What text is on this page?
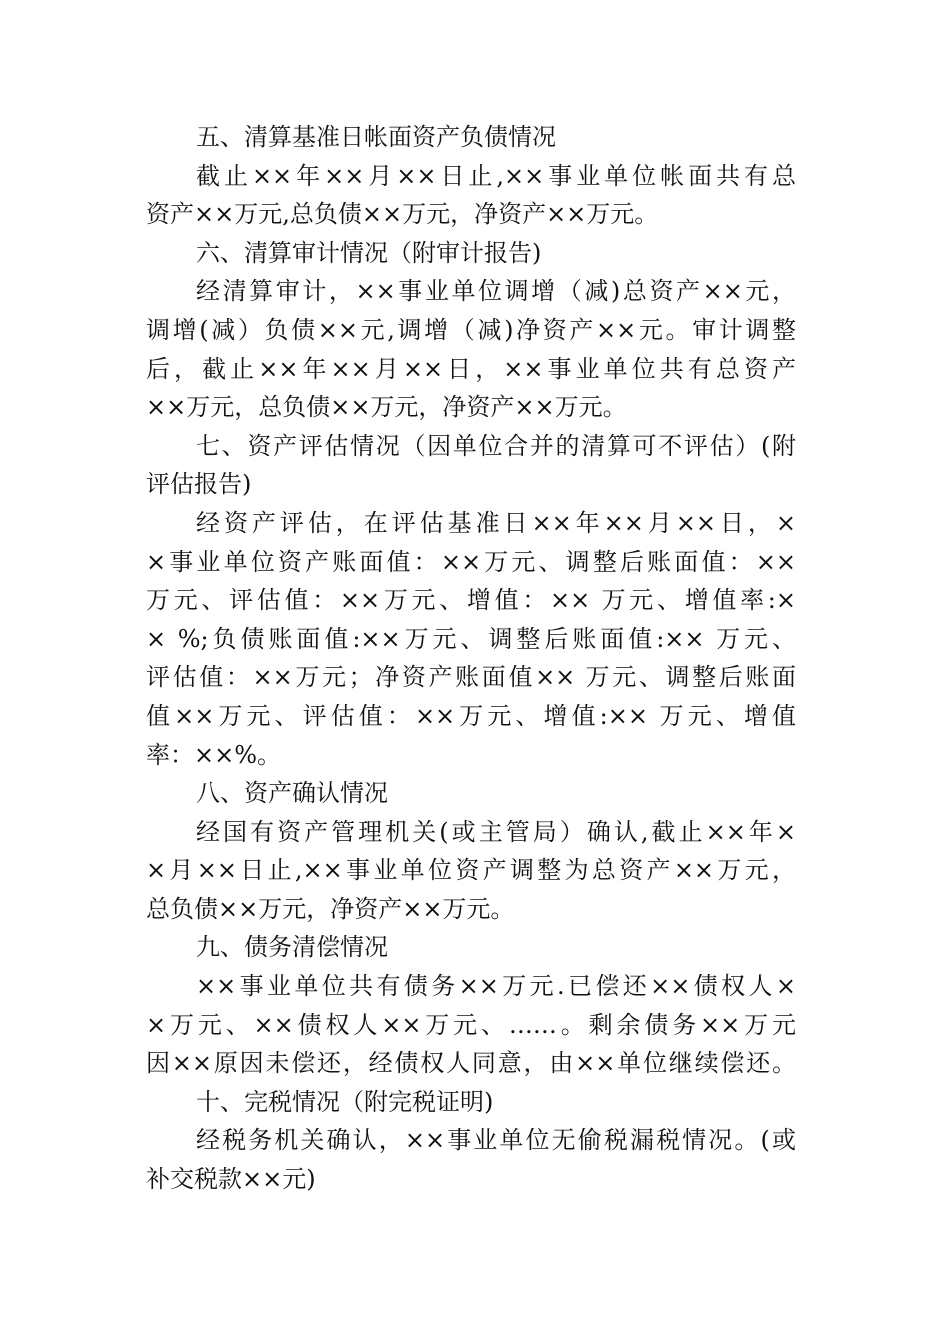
五、清算基准日帐面资产负债情况
截止××年××月××日止,××事业单位帐面共有总
资产××万元,总负债××万元，净资产××万元。
六、清算审计情况（附审计报告)
经清算审计，××事业单位调增（减)总资产××元，
调增(减）负债××元,调增（减)净资产××元。审计调整
后，截止××年××月××日，××事业单位共有总资产
××万元，总负债××万元，净资产××万元。
七、资产评估情况（因单位合并的清算可不评估）(附
评估报告)
经资产评估，在评估基准日××年××月××日，×
×事业单位资产账面值：××万元、调整后账面值：××
万元、评估值：××万元、增值：×× 万元、增值率:×
× %;负债账面值:××万元、调整后账面值:×× 万元、
评估值：××万元；净资产账面值×× 万元、调整后账面
值××万元、评估值：××万元、增值:×× 万元、增值
率：××%。
八、资产确认情况
经国有资产管理机关(或主管局）确认,截止××年×
×月××日止,××事业单位资产调整为总资产××万元，
总负债××万元，净资产××万元。
九、债务清偿情况
××事业单位共有债务××万元.已偿还××债权人×
×万元、××债权人××万元、……。剩余债务××万元
因××原因未偿还，经债权人同意，由××单位继续偿还。
十、完税情况（附完税证明)
经税务机关确认，××事业单位无偷税漏税情况。(或
补交税款××元)
